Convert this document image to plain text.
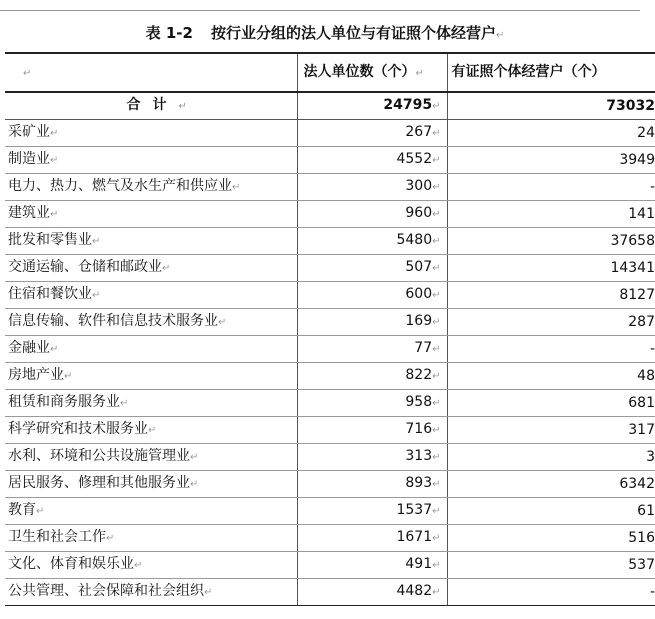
表 1-2 按行业分组的法人单位与有证照个体经营户↵
↵	法人单位数（个）↵	有证照个体经营户（个）
合计↵	24795↵	73032
采矿业↵	267↵	24
制造业↵	4552↵	3949
电力、热力、燃气及水生产和供应业↵	300↵	-
建筑业↵	960↵	141
批发和零售业↵	5480↵	37658
交通运输、仓储和邮政业↵	507↵	14341
住宿和餐饮业↵	600↵	8127
信息传输、软件和信息技术服务业↵	169↵	287
金融业↵	77↵	-
房地产业↵	822↵	48
租赁和商务服务业↵	958↵	681
科学研究和技术服务业↵	716↵	317
水利、环境和公共设施管理业↵	313↵	3
居民服务、修理和其他服务业↵	893↵	6342
教育↵	1537↵	61
卫生和社会工作↵	1671↵	516
文化、体育和娱乐业↵	491↵	537
公共管理、社会保障和社会组织↵	4482↵	-
